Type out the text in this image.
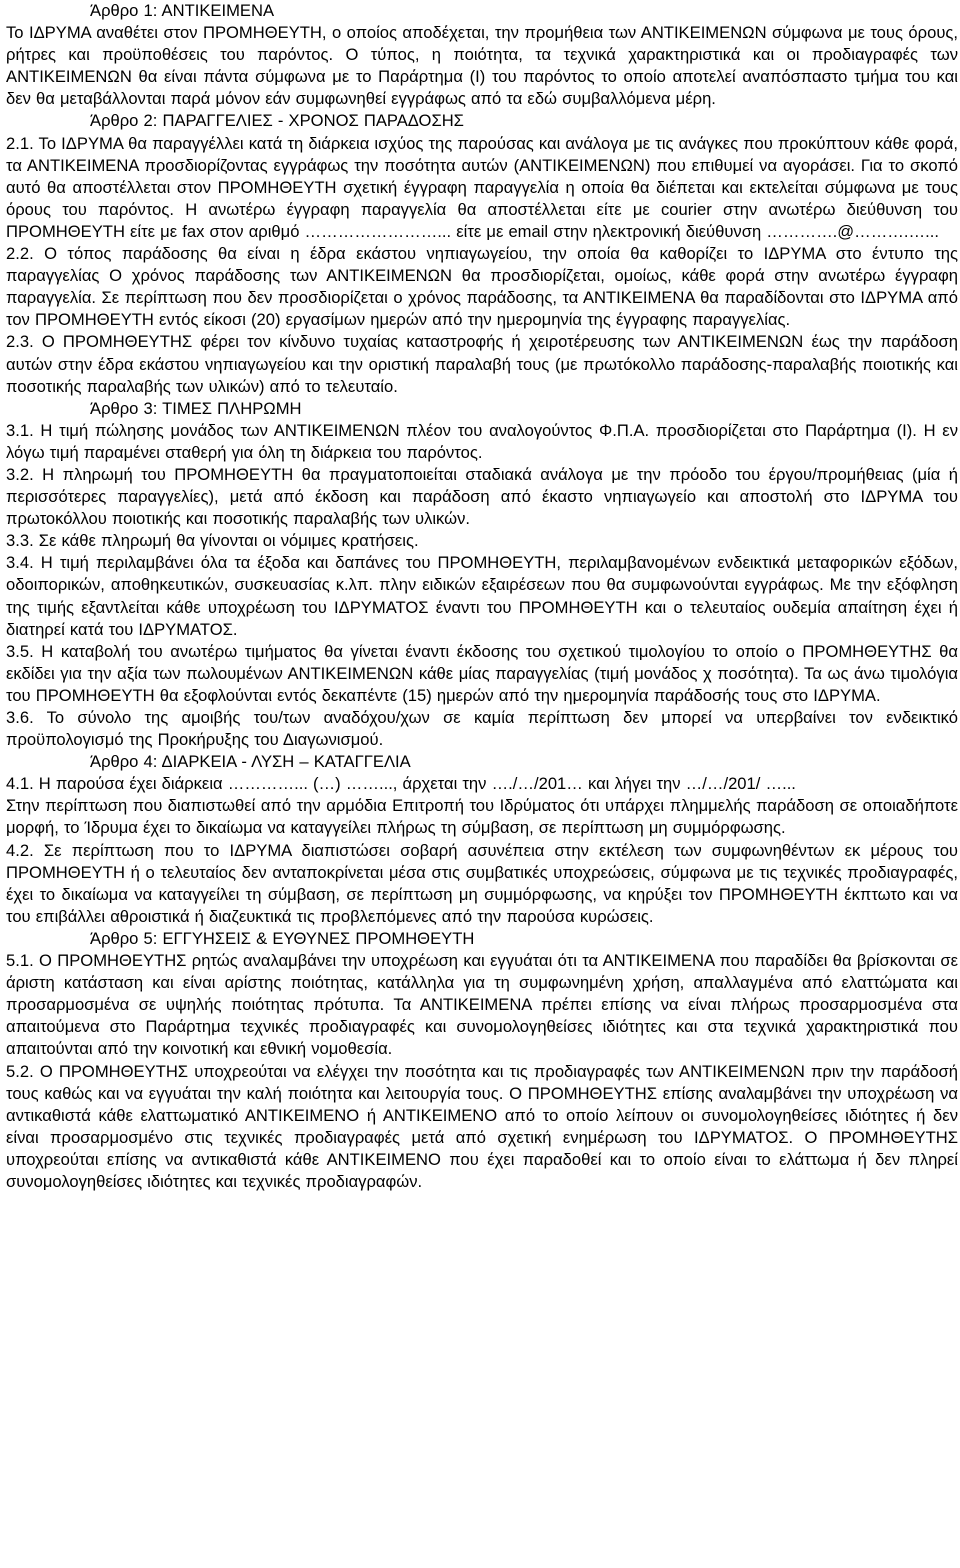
Άρθρο 1: ΑΝΤΙΚΕΙΜΕΝΑ
Το ΙΔΡΥΜΑ αναθέτει στον ΠΡΟΜΗΘΕΥΤΗ, ο οποίος αποδέχεται, την προμήθεια των ΑΝΤΙΚΕΙΜΕΝΩΝ σύμφωνα με τους όρους, ρήτρες και προϋποθέσεις του παρόντος. Ο τύπος, η ποιότητα, τα τεχνικά χαρακτηριστικά και οι προδιαγραφές των ΑΝΤΙΚΕΙΜΕΝΩΝ θα είναι πάντα σύμφωνα με το Παράρτημα (Ι) του παρόντος το οποίο αποτελεί αναπόσπαστο τμήμα του και δεν θα μεταβάλλονται παρά μόνον εάν συμφωνηθεί εγγράφως από τα εδώ συμβαλλόμενα μέρη.
Άρθρο 2: ΠΑΡΑΓΓΕΛΙΕΣ - ΧΡΟΝΟΣ ΠΑΡΑΔΟΣΗΣ
2.1. Το ΙΔΡΥΜΑ θα παραγγέλλει κατά τη διάρκεια ισχύος της παρούσας και ανάλογα με τις ανάγκες που προκύπτουν κάθε φορά, τα ΑΝΤΙΚΕΙΜΕΝΑ προσδιορίζοντας εγγράφως την ποσότητα αυτών (ΑΝΤΙΚΕΙΜΕΝΩΝ) που επιθυμεί να αγοράσει. Για το σκοπό αυτό θα αποστέλλεται στον ΠΡΟΜΗΘΕΥΤΗ σχετική έγγραφη παραγγελία η οποία θα διέπεται και εκτελείται σύμφωνα με τους όρους του παρόντος. Η ανωτέρω έγγραφη παραγγελία θα αποστέλλεται είτε με courier στην ανωτέρω διεύθυνση του ΠΡΟΜΗΘΕΥΤΗ είτε με fax στον αριθμό ……………………... είτε με email στην ηλεκτρονική διεύθυνση ………….@……….…...
2.2. Ο τόπος παράδοσης θα είναι η έδρα εκάστου νηπιαγωγείου, την οποία θα καθορίζει το ΙΔΡΥΜΑ στο έντυπο της παραγγελίας Ο χρόνος παράδοσης των ΑΝΤΙΚΕΙΜΕΝΩΝ θα προσδιορίζεται, ομοίως, κάθε φορά στην ανωτέρω έγγραφη παραγγελία. Σε περίπτωση που δεν προσδιορίζεται ο χρόνος παράδοσης, τα ΑΝΤΙΚΕΙΜΕΝΑ θα παραδίδονται στο ΙΔΡΥΜΑ από τον ΠΡΟΜΗΘΕΥΤΗ εντός είκοσι (20) εργασίμων ημερών από την ημερομηνία της έγγραφης παραγγελίας.
2.3. Ο ΠΡΟΜΗΘΕΥΤΗΣ φέρει τον κίνδυνο τυχαίας καταστροφής ή χειροτέρευσης των ΑΝΤΙΚΕΙΜΕΝΩΝ έως την παράδοση αυτών στην έδρα εκάστου νηπιαγωγείου και την οριστική παραλαβή τους (με πρωτόκολλο παράδοσης-παραλαβής ποιοτικής και ποσοτικής παραλαβής των υλικών) από το τελευταίο.
Άρθρο 3: ΤΙΜΕΣ ΠΛΗΡΩΜΗ
3.1. Η τιμή πώλησης μονάδος των ΑΝΤΙΚΕΙΜΕΝΩΝ πλέον του αναλογούντος Φ.Π.Α. προσδιορίζεται στο Παράρτημα (Ι). Η εν λόγω τιμή παραμένει σταθερή για όλη τη διάρκεια του παρόντος.
3.2. Η πληρωμή του ΠΡΟΜΗΘΕΥΤΗ θα πραγματοποιείται σταδιακά ανάλογα με την πρόοδο του έργου/προμήθειας (μία ή περισσότερες παραγγελίες), μετά από έκδοση και παράδοση από έκαστο νηπιαγωγείο και αποστολή στο ΙΔΡΥΜΑ του πρωτοκόλλου ποιοτικής και ποσοτικής παραλαβής των υλικών.
3.3. Σε κάθε πληρωμή θα γίνονται οι νόμιμες κρατήσεις.
3.4. Η τιμή περιλαμβάνει όλα τα έξοδα και δαπάνες του ΠΡΟΜΗΘΕΥΤΗ, περιλαμβανομένων ενδεικτικά μεταφορικών εξόδων, οδοιπορικών, αποθηκευτικών, συσκευασίας κ.λπ. πλην ειδικών εξαιρέσεων που θα συμφωνούνται εγγράφως. Με την εξόφληση της τιμής εξαντλείται κάθε υποχρέωση του ΙΔΡΥΜΑΤΟΣ έναντι του ΠΡΟΜΗΘΕΥΤΗ και ο τελευταίος ουδεμία απαίτηση έχει ή διατηρεί κατά του ΙΔΡΥΜΑΤΟΣ.
3.5. Η καταβολή του ανωτέρω τιμήματος θα γίνεται έναντι έκδοσης του σχετικού τιμολογίου το οποίο ο ΠΡΟΜΗΘΕΥΤΗΣ θα εκδίδει για την αξία των πωλουμένων ΑΝΤΙΚΕΙΜΕΝΩΝ κάθε μίας παραγγελίας (τιμή μονάδος χ ποσότητα). Τα ως άνω τιμολόγια του ΠΡΟΜΗΘΕΥΤΗ θα εξοφλούνται εντός δεκαπέντε (15) ημερών από την ημερομηνία παράδοσής τους στο ΙΔΡΥΜΑ.
3.6. Το σύνολο της αμοιβής του/των αναδόχου/χων σε καμία περίπτωση δεν μπορεί να υπερβαίνει τον ενδεικτικό προϋπολογισμό της Προκήρυξης του Διαγωνισμού.
Άρθρο 4: ΔΙΑΡΚΕΙΑ - ΛΥΣΗ – ΚΑΤΑΓΓΕΛΙΑ
4.1. Η παρούσα έχει διάρκεια …………... (…) ……..., άρχεται την …./…/201… και λήγει την …/…/201/ …...
Στην περίπτωση που διαπιστωθεί από την αρμόδια Επιτροπή του Ιδρύματος ότι υπάρχει πλημμελής παράδοση σε οποιαδήποτε μορφή, το Ίδρυμα έχει το δικαίωμα να καταγγείλει πλήρως τη σύμβαση, σε περίπτωση μη συμμόρφωσης.
4.2. Σε περίπτωση που το ΙΔΡΥΜΑ διαπιστώσει σοβαρή ασυνέπεια στην εκτέλεση των συμφωνηθέντων εκ μέρους του ΠΡΟΜΗΘΕΥΤΗ ή ο τελευταίος δεν ανταποκρίνεται μέσα στις συμβατικές υποχρεώσεις, σύμφωνα με τις τεχνικές προδιαγραφές, έχει το δικαίωμα να καταγγείλει τη σύμβαση, σε περίπτωση μη συμμόρφωσης, να κηρύξει τον ΠΡΟΜΗΘΕΥΤΗ έκπτωτο και να του επιβάλλει αθροιστικά ή διαζευκτικά τις προβλεπόμενες από την παρούσα κυρώσεις.
Άρθρο 5: ΕΓΓΥΗΣΕΙΣ & ΕΥΘΥΝΕΣ ΠΡΟΜΗΘΕΥΤΗ
5.1. Ο ΠΡΟΜΗΘΕΥΤΗΣ ρητώς αναλαμβάνει την υποχρέωση και εγγυάται ότι τα ΑΝΤΙΚΕΙΜΕΝΑ που παραδίδει θα βρίσκονται σε άριστη κατάσταση και είναι αρίστης ποιότητας, κατάλληλα για τη συμφωνημένη χρήση, απαλλαγμένα από ελαττώματα και προσαρμοσμένα σε υψηλής ποιότητας πρότυπα. Τα ΑΝΤΙΚΕΙΜΕΝΑ πρέπει επίσης να είναι πλήρως προσαρμοσμένα στα απαιτούμενα στο Παράρτημα τεχνικές προδιαγραφές και συνομολογηθείσες ιδιότητες και στα τεχνικά χαρακτηριστικά που απαιτούνται από την κοινοτική και εθνική νομοθεσία.
5.2. Ο ΠΡΟΜΗΘΕΥΤΗΣ υποχρεούται να ελέγχει την ποσότητα και τις προδιαγραφές των ΑΝΤΙΚΕΙΜΕΝΩΝ πριν την παράδοσή τους καθώς και να εγγυάται την καλή ποιότητα και λειτουργία τους. Ο ΠΡΟΜΗΘΕΥΤΗΣ επίσης αναλαμβάνει την υποχρέωση να αντικαθιστά κάθε ελαττωματικό ΑΝΤΙΚΕΙΜΕΝΟ ή ΑΝΤΙΚΕΙΜΕΝΟ από το οποίο λείπουν οι συνομολογηθείσες ιδιότητες ή δεν είναι προσαρμοσμένο στις τεχνικές προδιαγραφές μετά από σχετική ενημέρωση του ΙΔΡΥΜΑΤΟΣ. Ο ΠΡΟΜΗΘΕΥΤΗΣ υποχρεούται επίσης να αντικαθιστά κάθε ΑΝΤΙΚΕΙΜΕΝΟ που έχει παραδοθεί και το οποίο είναι το ελάττωμα ή δεν πληρεί συνομολογηθείσες ιδιότητες και τεχνικές προδιαγραφών.
